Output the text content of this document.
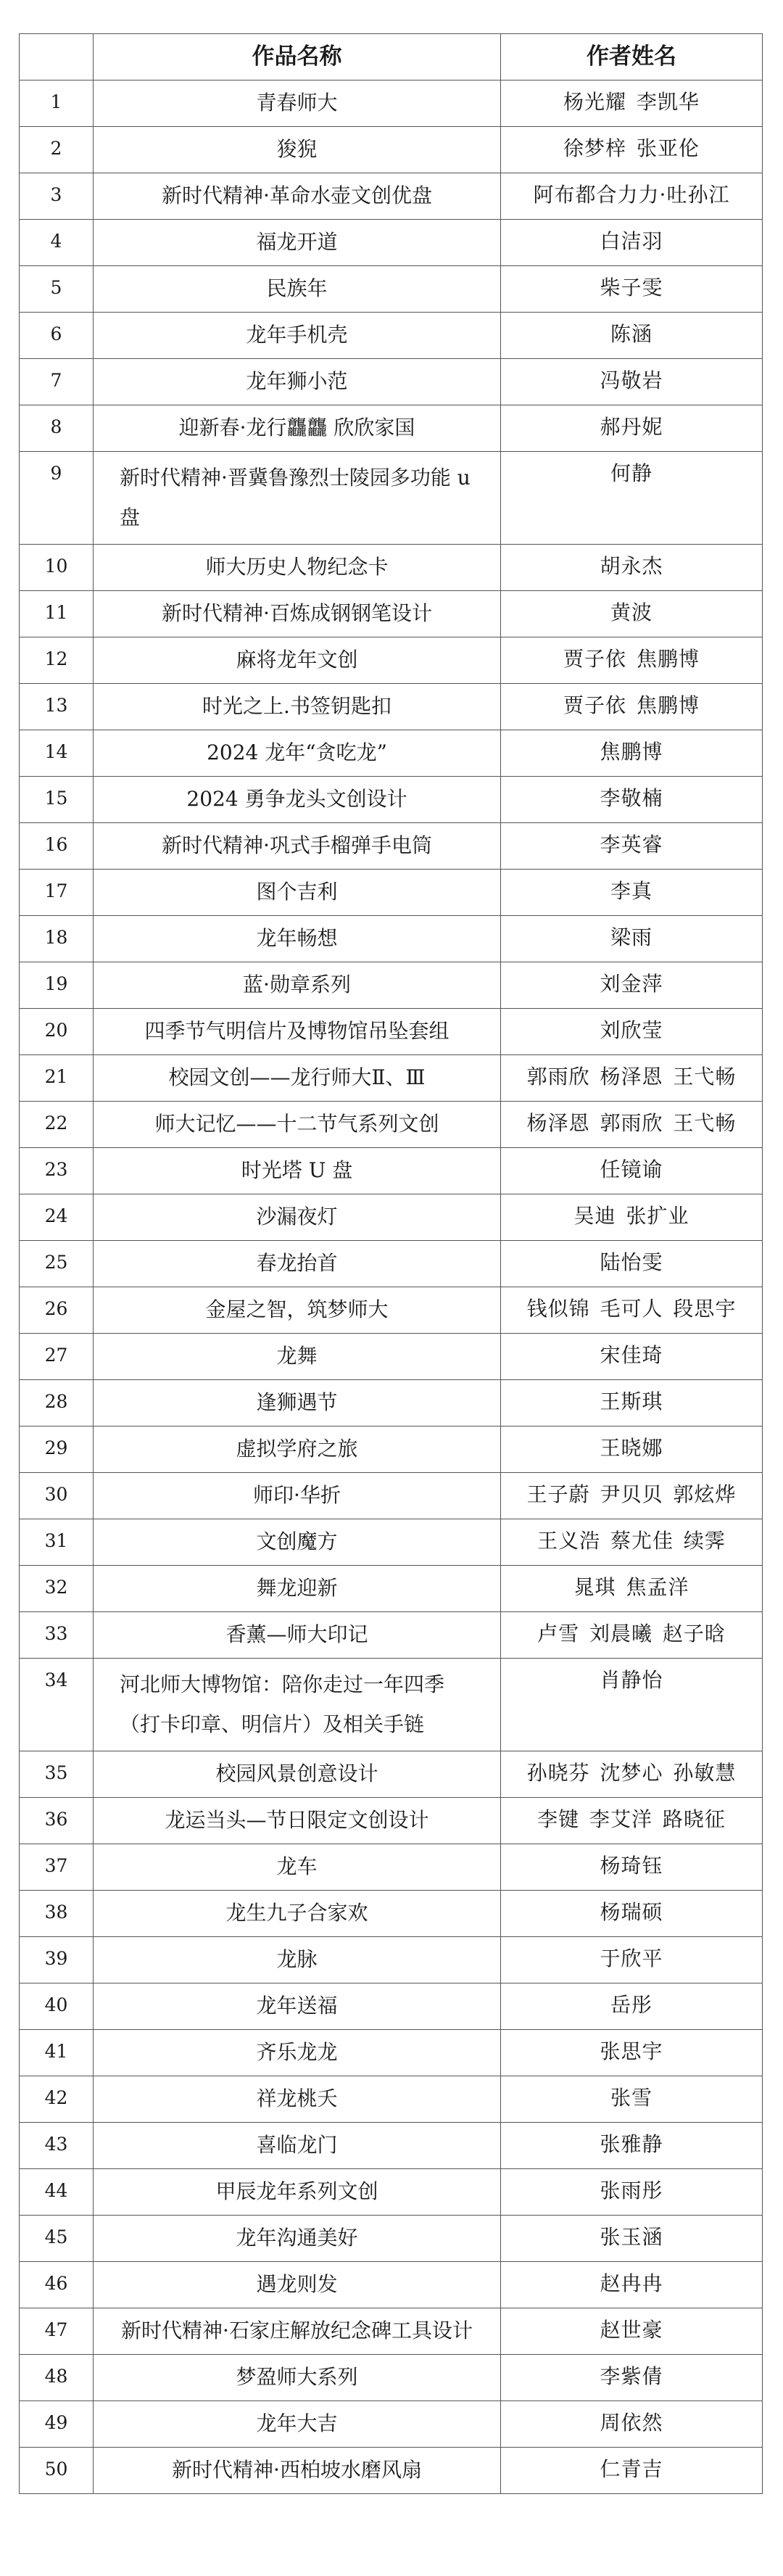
	作品名称	作者姓名
1	青春师大	杨光耀 李凯华
2	狻猊	徐梦梓 张亚伦
3	新时代精神·革命水壶文创优盘	阿布都合力力·吐孙江
4	福龙开道	白洁羽
5	民族年	柴子雯
6	龙年手机壳	陈涵
7	龙年狮小范	冯敬岩
8	迎新春·龙行龘龘 欣欣家国	郝丹妮
9	新时代精神·晋冀鲁豫烈士陵园多功能 u 盘	何静
10	师大历史人物纪念卡	胡永杰
11	新时代精神·百炼成钢钢笔设计	黄波
12	麻将龙年文创	贾子依 焦鹏博
13	时光之上.书签钥匙扣	贾子依 焦鹏博
14	2024 龙年“贪吃龙”	焦鹏博
15	2024 勇争龙头文创设计	李敬楠
16	新时代精神·巩式手榴弹手电筒	李英睿
17	图个吉利	李真
18	龙年畅想	梁雨
19	蓝·勋章系列	刘金萍
20	四季节气明信片及博物馆吊坠套组	刘欣莹
21	校园文创——龙行师大Ⅱ、Ⅲ	郭雨欣 杨泽恩 王弋畅
22	师大记忆——十二节气系列文创	杨泽恩 郭雨欣 王弋畅
23	时光塔 U 盘	任镜谕
24	沙漏夜灯	吴迪 张扩业
25	春龙抬首	陆怡雯
26	金屋之智，筑梦师大	钱似锦 毛可人 段思宇
27	龙舞	宋佳琦
28	逢狮遇节	王斯琪
29	虚拟学府之旅	王晓娜
30	师印·华折	王子蔚 尹贝贝 郭炫烨
31	文创魔方	王义浩 蔡尤佳 续霁
32	舞龙迎新	晁琪 焦孟洋
33	香薰—师大印记	卢雪 刘晨曦 赵子晗
34	河北师大博物馆：陪你走过一年四季（打卡印章、明信片）及相关手链	肖静怡
35	校园风景创意设计	孙晓芬 沈梦心 孙敏慧
36	龙运当头—节日限定文创设计	李键 李艾洋 路晓征
37	龙车	杨琦钰
38	龙生九子合家欢	杨瑞硕
39	龙脉	于欣平
40	龙年送福	岳彤
41	齐乐龙龙	张思宇
42	祥龙桃夭	张雪
43	喜临龙门	张雅静
44	甲辰龙年系列文创	张雨彤
45	龙年沟通美好	张玉涵
46	遇龙则发	赵冉冉
47	新时代精神·石家庄解放纪念碑工具设计	赵世豪
48	梦盈师大系列	李紫倩
49	龙年大吉	周依然
50	新时代精神·西柏坡水磨风扇	仁青吉
